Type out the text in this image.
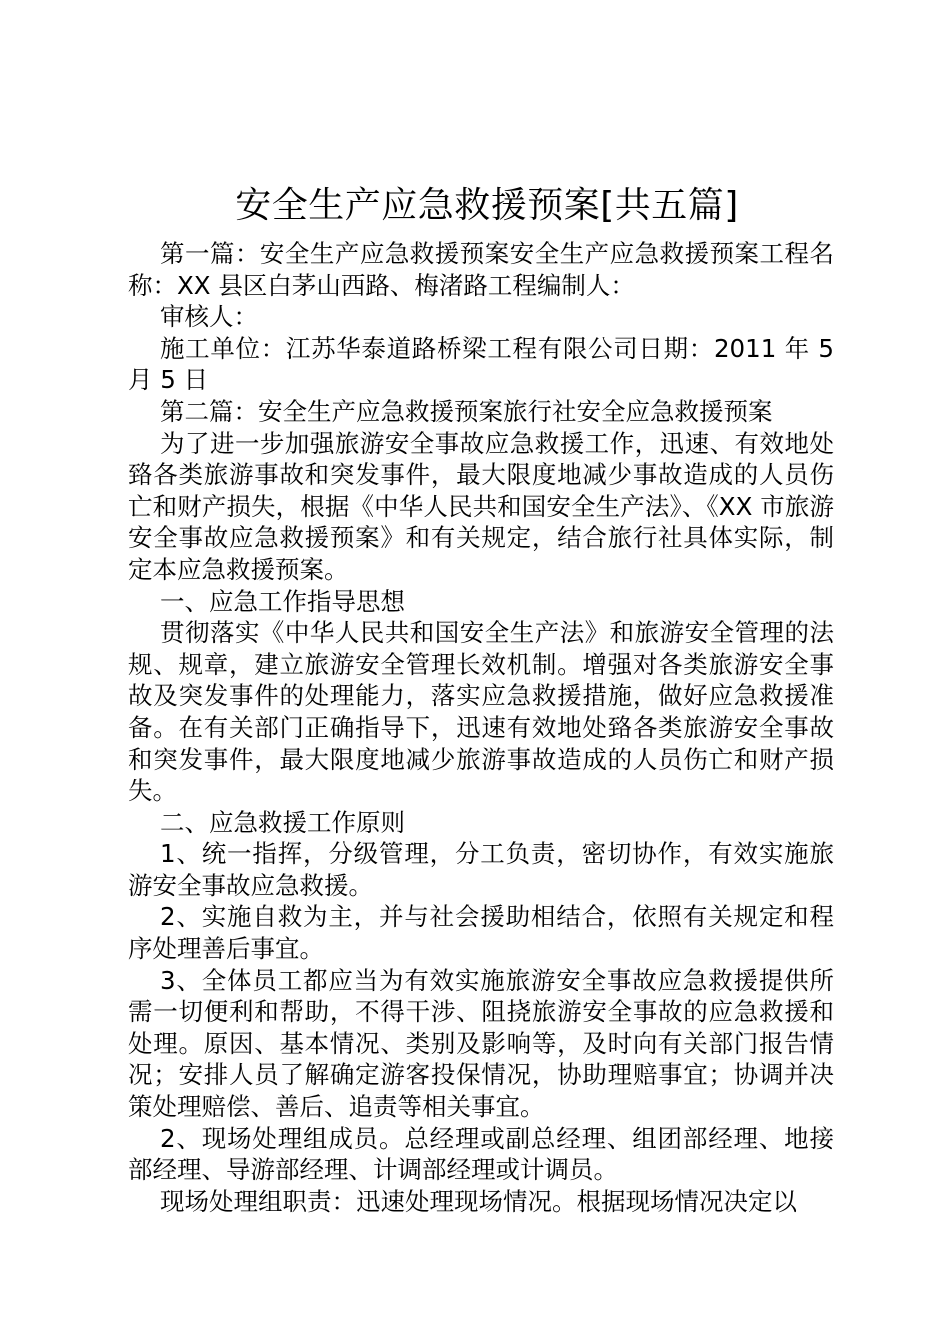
安全生产应急救援预案[共五篇]

第一篇：安全生产应急救援预案安全生产应急救援预案工程名称：XX 县区白茅山西路、梅渚路工程编制人：

审核人：

施工单位：江苏华泰道路桥梁工程有限公司日期：2011 年 5 月 5 日

第二篇：安全生产应急救援预案旅行社安全应急救援预案

为了进一步加强旅游安全事故应急救援工作，迅速、有效地处臵各类旅游事故和突发事件，最大限度地减少事故造成的人员伤亡和财产损失，根据《中华人民共和国安全生产法》、《XX 市旅游安全事故应急救援预案》和有关规定，结合旅行社具体实际，制定本应急救援预案。

一、应急工作指导思想

贯彻落实《中华人民共和国安全生产法》和旅游安全管理的法规、规章，建立旅游安全管理长效机制。增强对各类旅游安全事故及突发事件的处理能力，落实应急救援措施，做好应急救援准备。在有关部门正确指导下，迅速有效地处臵各类旅游安全事故和突发事件，最大限度地减少旅游事故造成的人员伤亡和财产损失。

二、应急救援工作原则

1、统一指挥，分级管理，分工负责，密切协作，有效实施旅游安全事故应急救援。

2、实施自救为主，并与社会援助相结合，依照有关规定和程序处理善后事宜。

3、全体员工都应当为有效实施旅游安全事故应急救援提供所需一切便利和帮助，不得干涉、阻挠旅游安全事故的应急救援和处理。原因、基本情况、类别及影响等，及时向有关部门报告情况；安排人员了解确定游客投保情况，协助理赔事宜；协调并决策处理赔偿、善后、追责等相关事宜。

2、现场处理组成员。总经理或副总经理、组团部经理、地接部经理、导游部经理、计调部经理或计调员。

现场处理组职责：迅速处理现场情况。根据现场情况决定以
